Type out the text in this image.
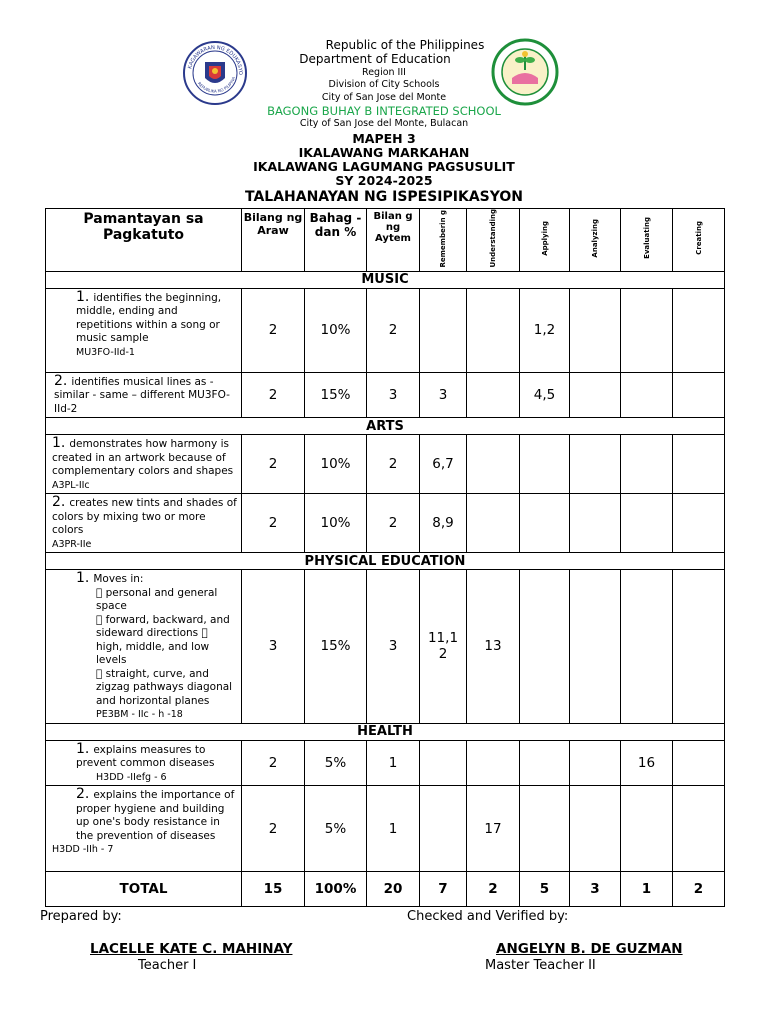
KAGAWARAN NG EDUKASYO
REPUBLIKA NG PILIPINA
Republic of the Philippines
Department of Education
Region III
Division of City Schools
City of San Jose del Monte
BAGONG BUHAY B INTEGRATED SCHOOL
City of San Jose del Monte, Bulacan
MAPEH 3
IKALAWANG MARKAHAN
IKALAWANG LAGUMANG PAGSUSULIT
SY 2024-2025
TALAHANAYAN NG ISPESIPIKASYON
Pamantayan sa Pagkatuto	Bilang ng Araw	Bahag -dan %	Bilan g ng Aytem	Rememberin g	Understanding	Applying	Analyzing	Evaluating	Creating
MUSIC									
1. identifies the beginning, middle, ending and repetitions within a song or music sample
MU3FO-IId-1	2	10%	2			1,2			
2. identifies musical lines as - similar - same – different MU3FO-IId-2	2	15%	3	3		4,5			
ARTS									
1. demonstrates how harmony is created in an artwork because of complementary colors and shapes
A3PL-IIc	2	10%	2	6,7					
2. creates new tints and shades of colors by mixing two or more colors
A3PR-IIe	2	10%	2	8,9					
PHYSICAL EDUCATION									
1. Moves in:
personal and general space
forward, backward, and sideward directions high, middle, and low levels
straight, curve, and zigzag pathways diagonal and horizontal planes
PE3BM - IIc - h -18	3	15%	3	11,1 2	13				
HEALTH									
1. explains measures to prevent common diseases
H3DD -IIefg - 6	2	5%	1					16	
2. explains the importance of proper hygiene and building up one's body resistance in the prevention of diseases
H3DD -IIh - 7	2	5%	1		17				
TOTAL	15	100%	20	7	2	5	3	1	2
Prepared by:	Checked and Verified by:
LACELLE KATE C. MAHINAY
Teacher I
ANGELYN B. DE GUZMAN
Master Teacher II
